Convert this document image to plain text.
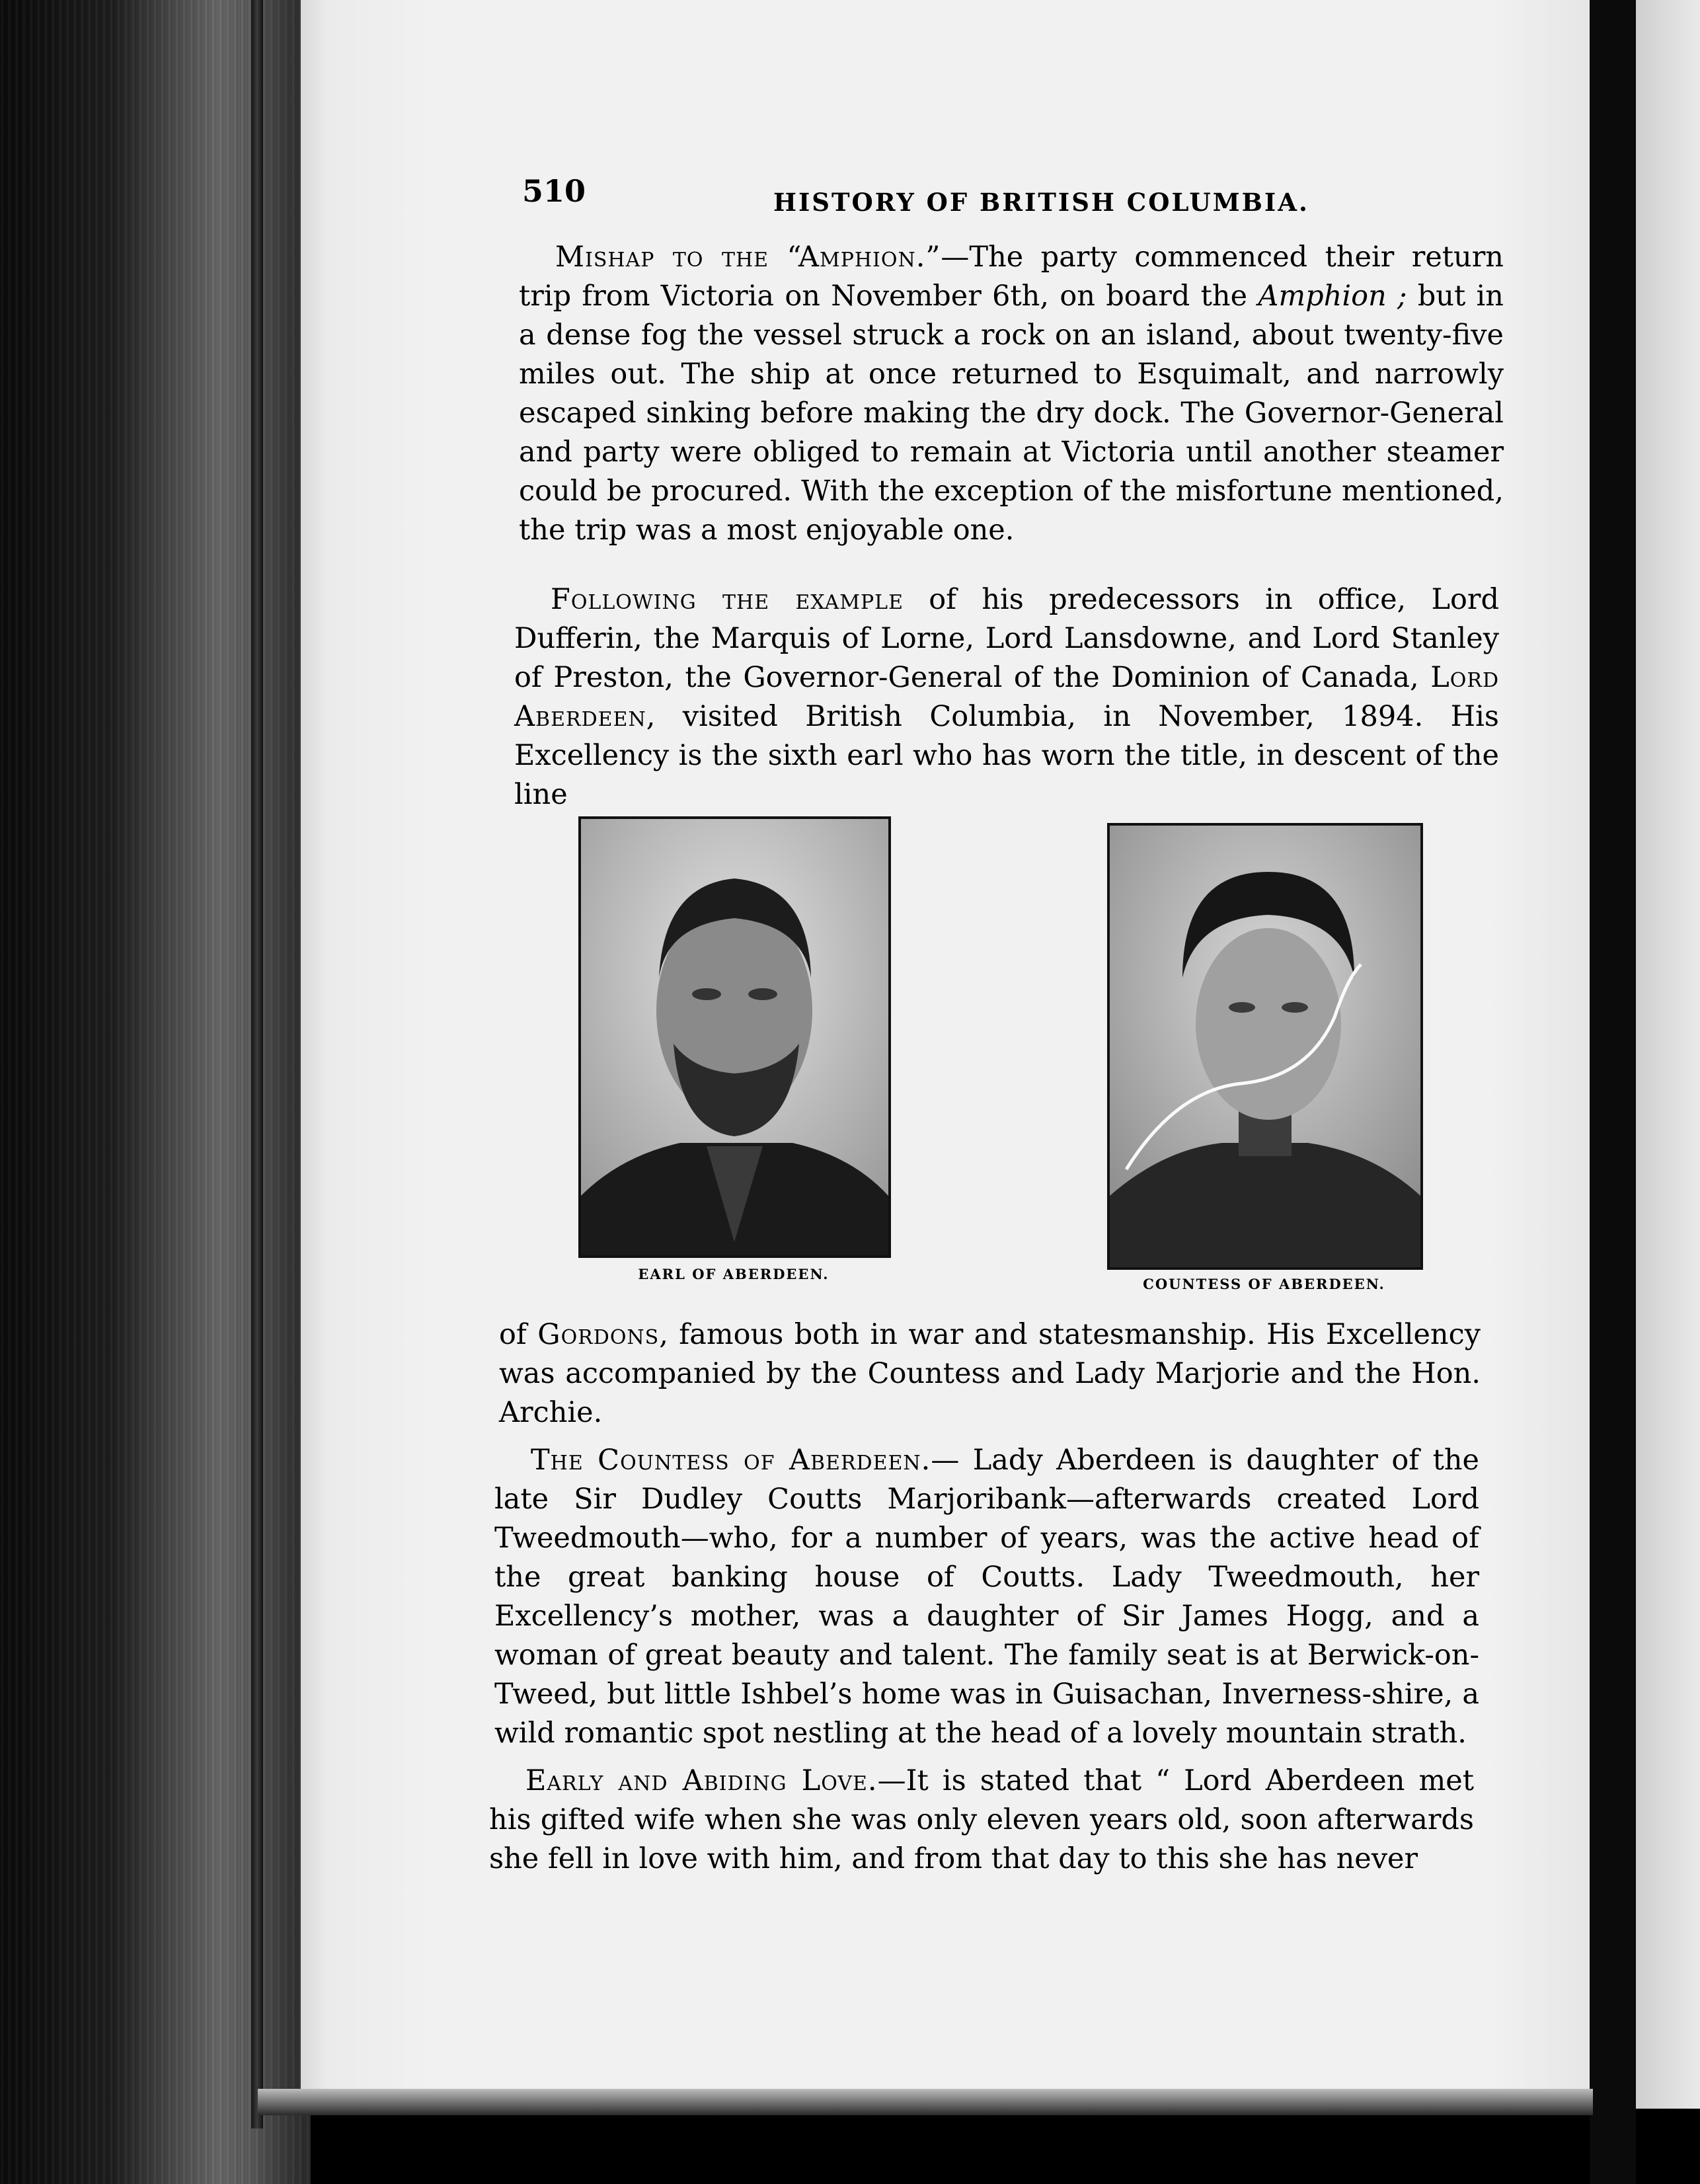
510	HISTORY OF BRITISH COLUMBIA.

Mishap to the “Amphion.”—The party commenced their return trip from Victoria on November 6th, on board the Amphion ; but in a dense fog the vessel struck a rock on an island, about twenty-five miles out. The ship at once returned to Esquimalt, and narrowly escaped sinking before making the dry dock. The Governor-General and party were obliged to remain at Victoria until another steamer could be procured. With the exception of the misfortune mentioned, the trip was a most enjoyable one.

Following the example of his predecessors in office, Lord Dufferin, the Marquis of Lorne, Lord Lansdowne, and Lord Stanley of Preston, the Governor-General of the Dominion of Canada, Lord Aberdeen, visited British Columbia, in November, 1894. His Excellency is the sixth earl who has worn the title, in descent of the line

EARL OF ABERDEEN.
COUNTESS OF ABERDEEN.

of Gordons, famous both in war and statesmanship. His Excellency was accompanied by the Countess and Lady Marjorie and the Hon. Archie.

The Countess of Aberdeen.— Lady Aberdeen is daughter of the late Sir Dudley Coutts Marjoribank—afterwards created Lord Tweedmouth—who, for a number of years, was the active head of the great banking house of Coutts. Lady Tweedmouth, her Excellency’s mother, was a daughter of Sir James Hogg, and a woman of great beauty and talent. The family seat is at Berwick-on-Tweed, but little Ishbel’s home was in Guisachan, Inverness-shire, a wild romantic spot nestling at the head of a lovely mountain strath.

Early and Abiding Love.—It is stated that “ Lord Aberdeen met his gifted wife when she was only eleven years old, soon afterwards she fell in love with him, and from that day to this she has never
